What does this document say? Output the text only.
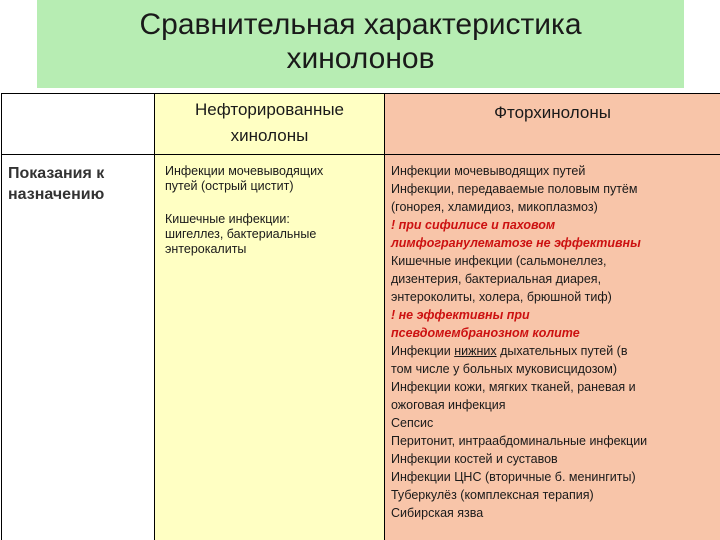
Сравнительная характеристика
хинолонов
Нефторированные
хинолоны
Фторхинолоны
Показания к
назначению

Инфекции мочевыводящих

путей (острый цистит)

Кишечные инфекции:

шигеллез, бактериальные

энтерокалиты

Инфекции мочевыводящих путей
Инфекции, передаваемые половым путём
(гонорея, хламидиоз, микоплазмоз)
! при сифилисе и паховом
лимфогранулематозе не эффективны
Кишечные инфекции (сальмонеллез,
дизентерия, бактериальная диарея,
энтероколиты, холера, брюшной тиф)
! не эффективны при
псевдомембранозном колите
Инфекции нижних дыхательных путей (в
том числе у больных муковисцидозом)
Инфекции кожи, мягких тканей, раневая и
ожоговая инфекция
Сепсис
Перитонит, интраабдоминальные инфекции
Инфекции костей и суставов
Инфекции ЦНС (вторичные б. менингиты)
Туберкулёз (комплексная терапия)
Сибирская язва
